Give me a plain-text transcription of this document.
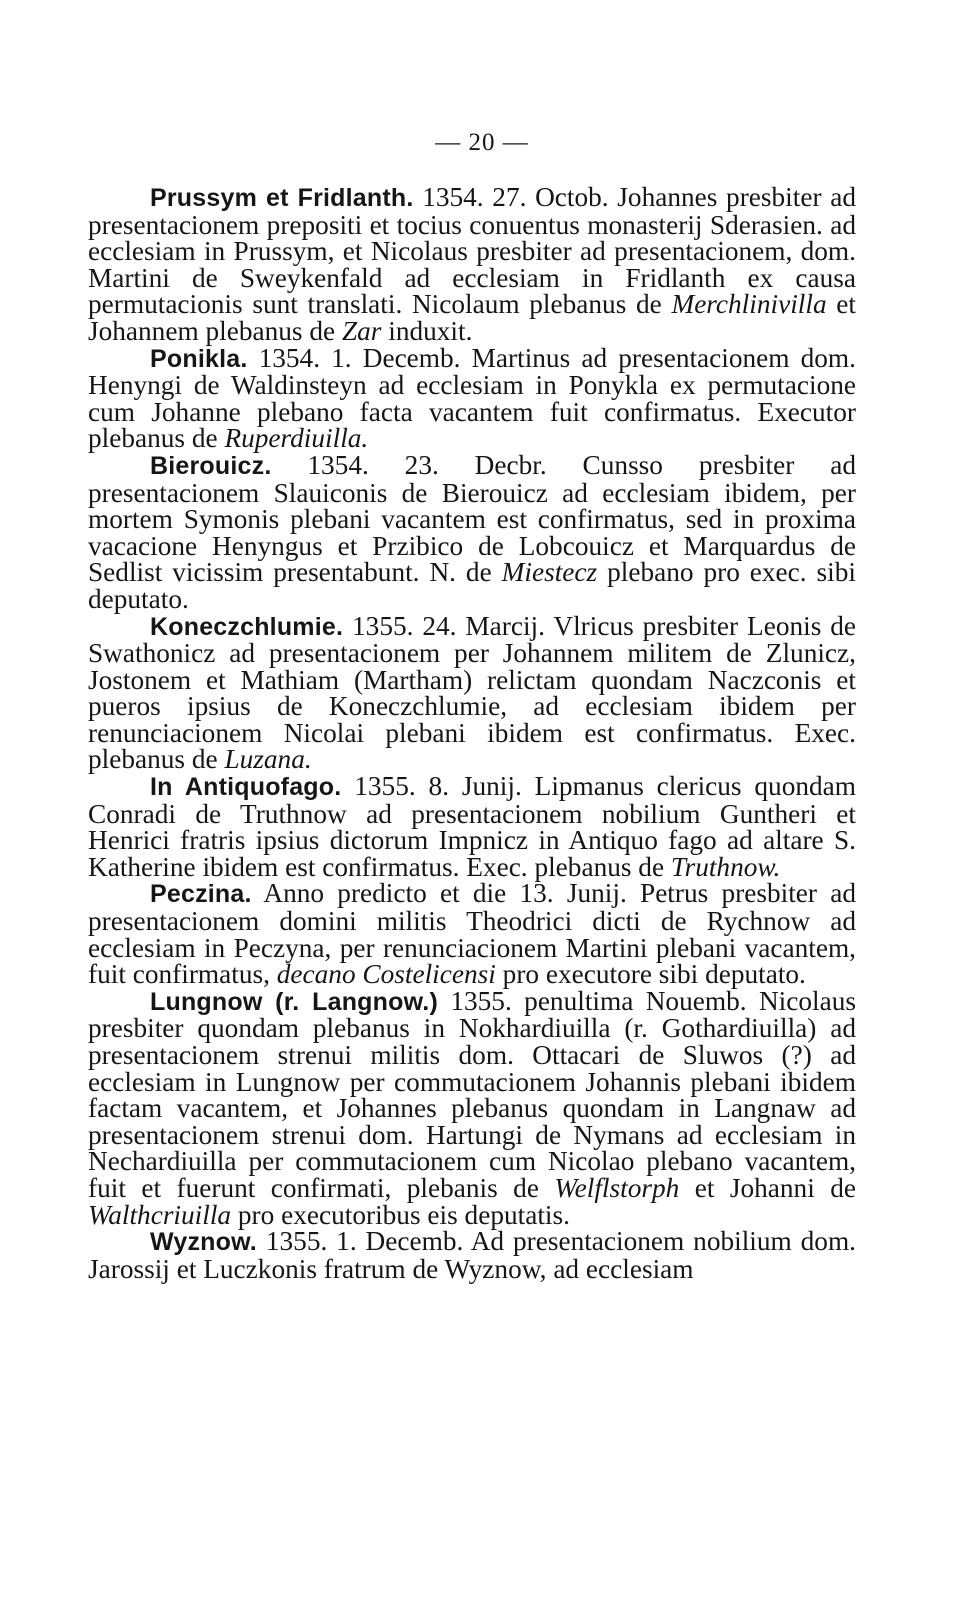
— 20 —

Prussym et Fridlanth. 1354. 27. Octob. Johannes presbiter ad presentacionem prepositi et tocius conuentus monasterij Sderasien. ad ecclesiam in Prussym, et Nicolaus presbiter ad presentacionem, dom. Martini de Sweykenfald ad ecclesiam in Fridlanth ex causa permutacionis sunt translati. Nicolaum plebanus de Merchlinivilla et Johannem plebanus de Zar induxit.

Ponikla. 1354. 1. Decemb. Martinus ad presentacionem dom. Henyngi de Waldinsteyn ad ecclesiam in Ponykla ex permutacione cum Johanne plebano facta vacantem fuit confirmatus. Executor plebanus de Ruperdiuilla.

Bierouicz. 1354. 23. Decbr. Cunsso presbiter ad presentacionem Slauiconis de Bierouicz ad ecclesiam ibidem, per mortem Symonis plebani vacantem est confirmatus, sed in proxima vacacione Henyngus et Przibico de Lobcouicz et Marquardus de Sedlist vicissim presentabunt. N. de Miestecz plebano pro exec. sibi deputato.

Koneczchlumie. 1355. 24. Marcij. Vlricus presbiter Leonis de Swathonicz ad presentacionem per Johannem militem de Zlunicz, Jostonem et Mathiam (Martham) relictam quondam Naczconis et pueros ipsius de Koneczchlumie, ad ecclesiam ibidem per renunciacionem Nicolai plebani ibidem est confirmatus. Exec. plebanus de Luzana.

In Antiquofago. 1355. 8. Junij. Lipmanus clericus quondam Conradi de Truthnow ad presentacionem nobilium Guntheri et Henrici fratris ipsius dictorum Impnicz in Antiquo fago ad altare S. Katherine ibidem est confirmatus. Exec. plebanus de Truthnow.

Peczina. Anno predicto et die 13. Junij. Petrus presbiter ad presentacionem domini militis Theodrici dicti de Rychnow ad ecclesiam in Peczyna, per renunciacionem Martini plebani vacantem, fuit confirmatus, decano Costelicensi pro executore sibi deputato.

Lungnow (r. Langnow.) 1355. penultima Nouemb. Nicolaus presbiter quondam plebanus in Nokhardiuilla (r. Gothardiuilla) ad presentacionem strenui militis dom. Ottacari de Sluwos (?) ad ecclesiam in Lungnow per commutacionem Johannis plebani ibidem factam vacantem, et Johannes plebanus quondam in Langnaw ad presentacionem strenui dom. Hartungi de Nymans ad ecclesiam in Nechardiuilla per commutacionem cum Nicolao plebano vacantem, fuit et fuerunt confirmati, plebanis de Welflstorph et Johanni de Walthcriuilla pro executoribus eis deputatis.

Wyznow. 1355. 1. Decemb. Ad presentacionem nobilium dom. Jarossij et Luczkonis fratrum de Wyznow, ad ecclesiam
